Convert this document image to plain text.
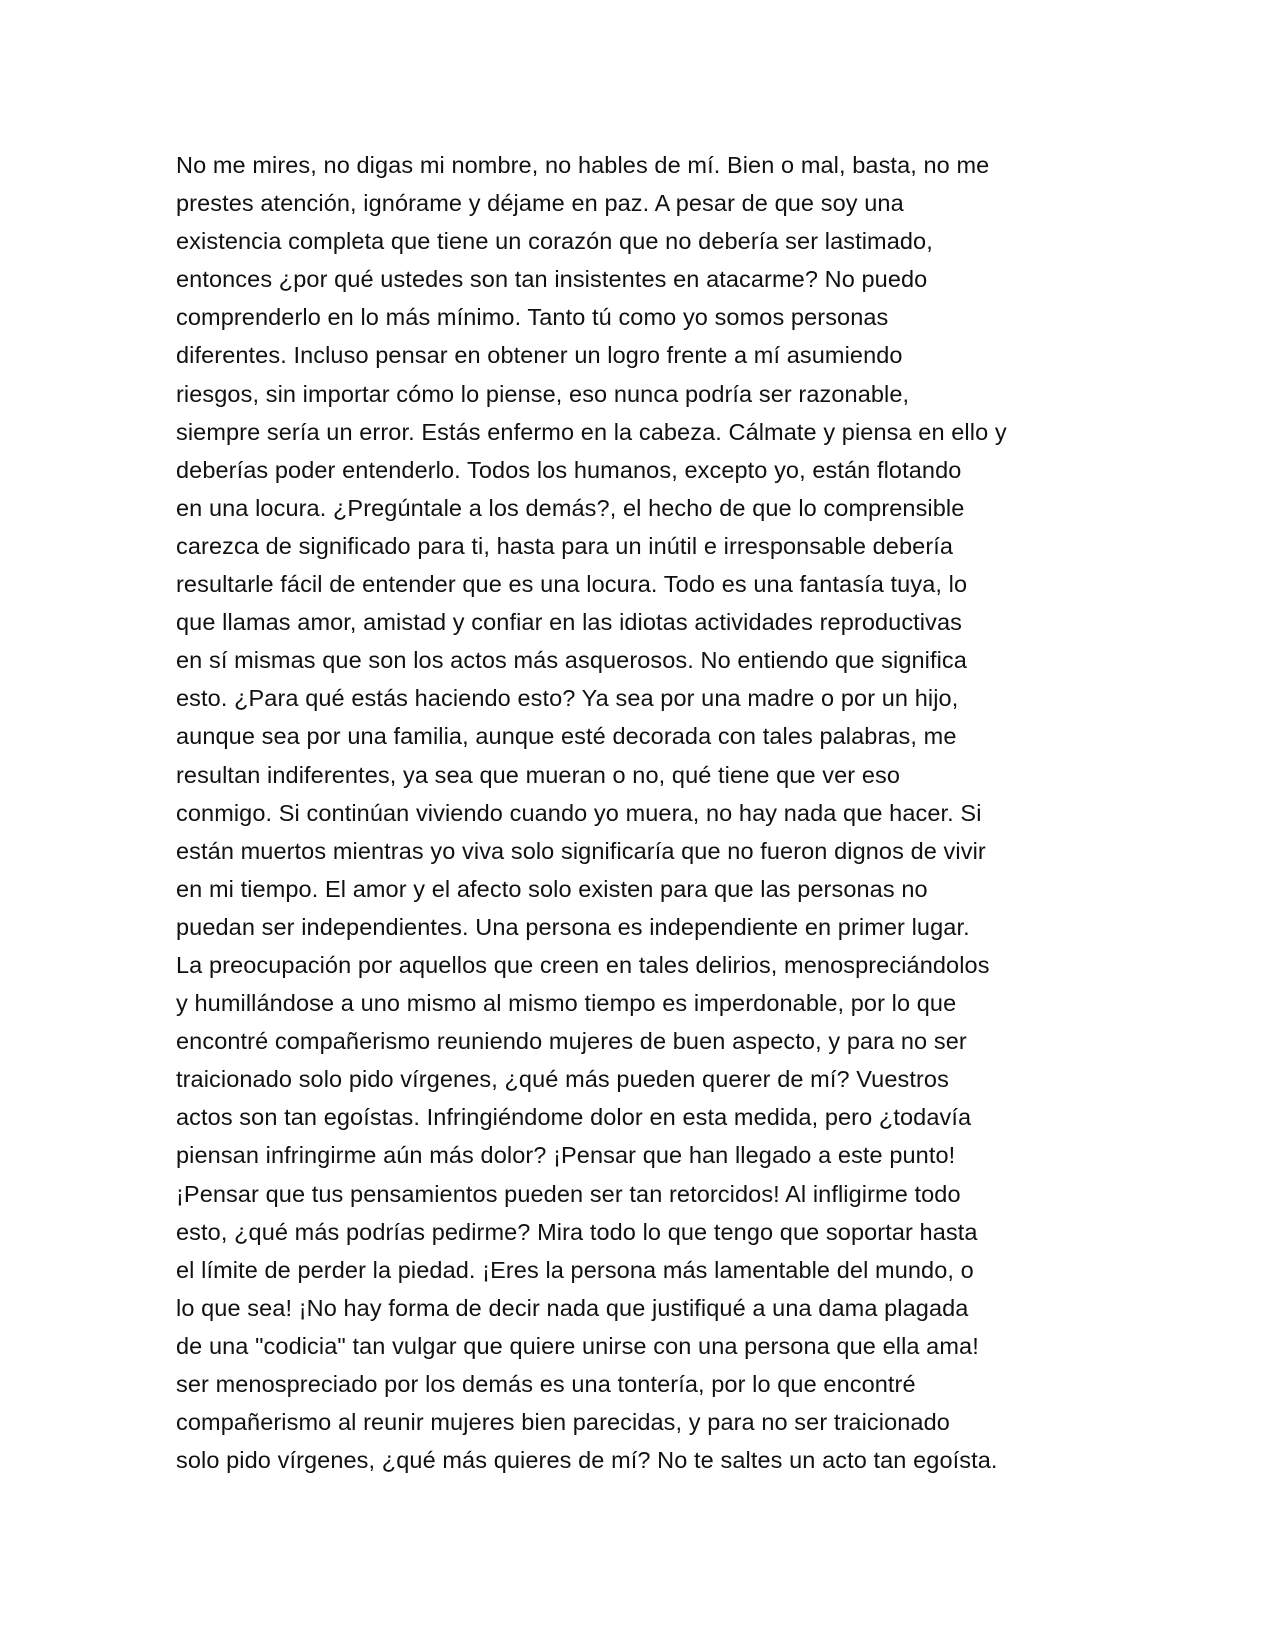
No me mires, no digas mi nombre, no hables de mí. Bien o mal, basta, no me
prestes atención, ignórame y déjame en paz. A pesar de que soy una
existencia completa que tiene un corazón que no debería ser lastimado,
entonces ¿por qué ustedes son tan insistentes en atacarme? No puedo
comprenderlo en lo más mínimo. Tanto tú como yo somos personas
diferentes. Incluso pensar en obtener un logro frente a mí asumiendo
riesgos, sin importar cómo lo piense, eso nunca podría ser razonable,
siempre sería un error. Estás enfermo en la cabeza. Cálmate y piensa en ello y
deberías poder entenderlo. Todos los humanos, excepto yo, están flotando
en una locura. ¿Pregúntale a los demás?, el hecho de que lo comprensible
carezca de significado para ti, hasta para un inútil e irresponsable debería
resultarle fácil de entender que es una locura. Todo es una fantasía tuya, lo
que llamas amor, amistad y confiar en las idiotas actividades reproductivas
en sí mismas que son los actos más asquerosos. No entiendo que significa
esto. ¿Para qué estás haciendo esto? Ya sea por una madre o por un hijo,
aunque sea por una familia, aunque esté decorada con tales palabras, me
resultan indiferentes, ya sea que mueran o no, qué tiene que ver eso
conmigo. Si continúan viviendo cuando yo muera, no hay nada que hacer. Si
están muertos mientras yo viva solo significaría que no fueron dignos de vivir
en mi tiempo. El amor y el afecto solo existen para que las personas no
puedan ser independientes. Una persona es independiente en primer lugar.
La preocupación por aquellos que creen en tales delirios, menospreciándolos
y humillándose a uno mismo al mismo tiempo es imperdonable, por lo que
encontré compañerismo reuniendo mujeres de buen aspecto, y para no ser
traicionado solo pido vírgenes, ¿qué más pueden querer de mí? Vuestros
actos son tan egoístas. Infringiéndome dolor en esta medida, pero ¿todavía
piensan infringirme aún más dolor? ¡Pensar que han llegado a este punto!
¡Pensar que tus pensamientos pueden ser tan retorcidos! Al infligirme todo
esto, ¿qué más podrías pedirme? Mira todo lo que tengo que soportar hasta
el límite de perder la piedad. ¡Eres la persona más lamentable del mundo, o
lo que sea! ¡No hay forma de decir nada que justifiqué a una dama plagada
de una "codicia" tan vulgar que quiere unirse con una persona que ella ama!
ser menospreciado por los demás es una tontería, por lo que encontré
compañerismo al reunir mujeres bien parecidas, y para no ser traicionado
solo pido vírgenes, ¿qué más quieres de mí? No te saltes un acto tan egoísta.
